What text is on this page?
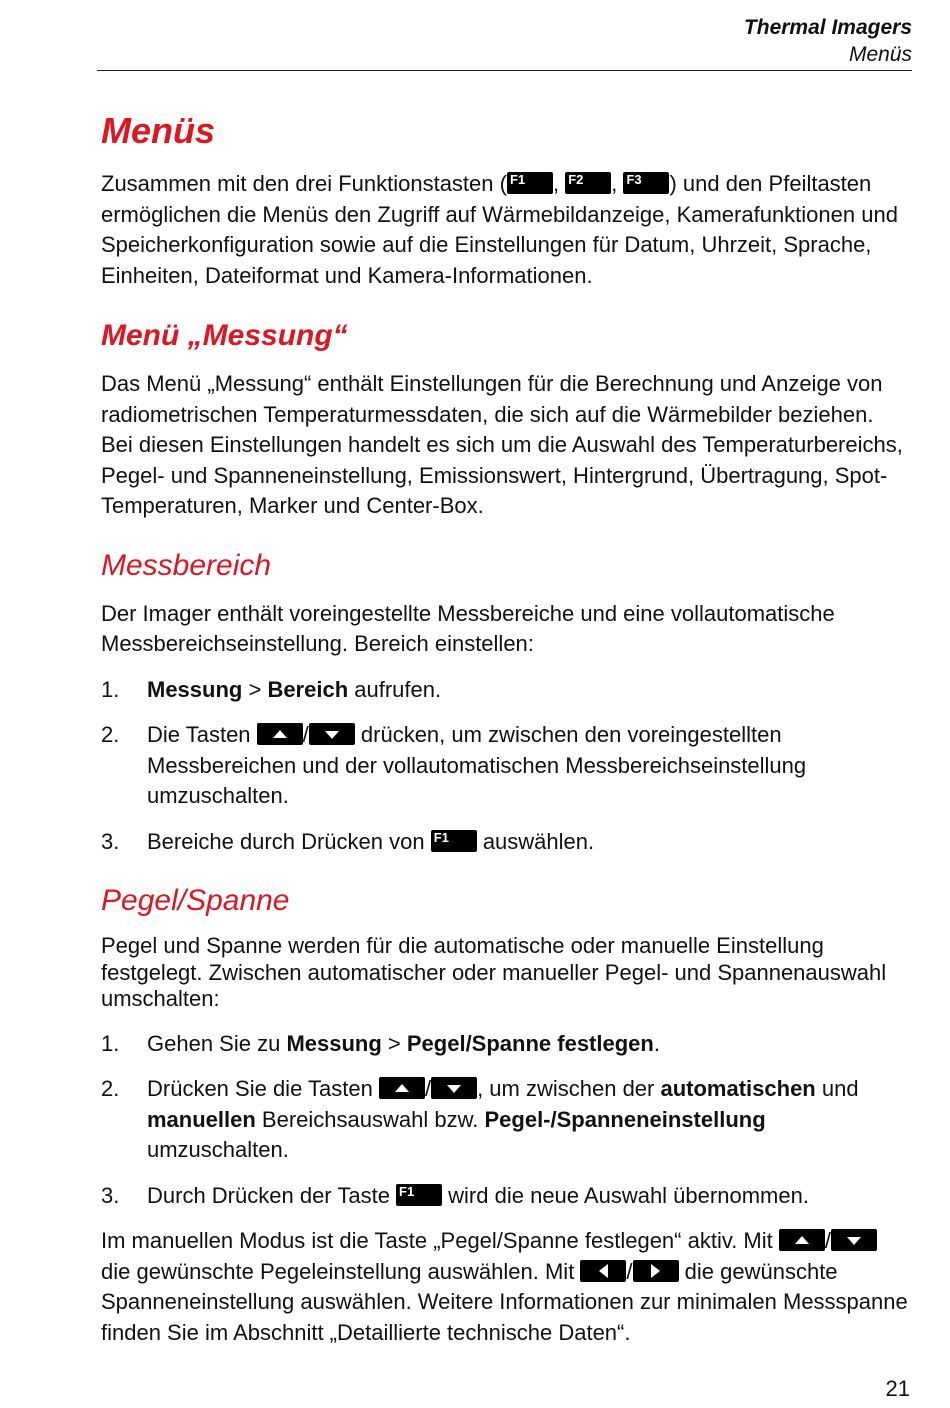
Thermal Imagers
Menüs
Menüs

Zusammen mit den drei Funktionstasten ( F1 , F2 , F3 ) und den Pfeiltasten ermöglichen die Menüs den Zugriff auf Wärmebildanzeige, Kamerafunktionen und Speicherkonfiguration sowie auf die Einstellungen für Datum, Uhrzeit, Sprache, Einheiten, Dateiformat und Kamera-Informationen.

Menü „Messung“

Das Menü „Messung“ enthält Einstellungen für die Berechnung und Anzeige von radiometrischen Temperaturmessdaten, die sich auf die Wärmebilder beziehen. Bei diesen Einstellungen handelt es sich um die Auswahl des Temperaturbereichs, Pegel- und Spanneneinstellung, Emissionswert, Hintergrund, Übertragung, Spot-Temperaturen, Marker und Center-Box.

Messbereich

Der Imager enthält voreingestellte Messbereiche und eine vollautomatische Messbereichseinstellung. Bereich einstellen:

1. Messung > Bereich aufrufen.
2. Die Tasten
/
drücken, um zwischen den voreingestellten Messbereichen und der vollautomatischen Messbereichseinstellung umzuschalten.
3. Bereiche durch Drücken von F1 auswählen.
Pegel/Spanne

Pegel und Spanne werden für die automatische oder manuelle Einstellung festgelegt. Zwischen automatischer oder manueller Pegel- und Spannenauswahl umschalten:

1. Gehen Sie zu Messung > Pegel/Spanne festlegen.
2. Drücken Sie die Tasten
/ , um zwischen der automatischen und manuellen Bereichsauswahl bzw. Pegel-/Spanneneinstellung umzuschalten.
3. Durch Drücken der Taste F1 wird die neue Auswahl übernommen.

Im manuellen Modus ist die Taste „Pegel/Spanne festlegen“ aktiv. Mit
/
die gewünschte Pegeleinstellung auswählen. Mit
/
die gewünschte Spanneneinstellung auswählen. Weitere Informationen zur minimalen Messspanne finden Sie im Abschnitt „Detaillierte technische Daten“.

21
